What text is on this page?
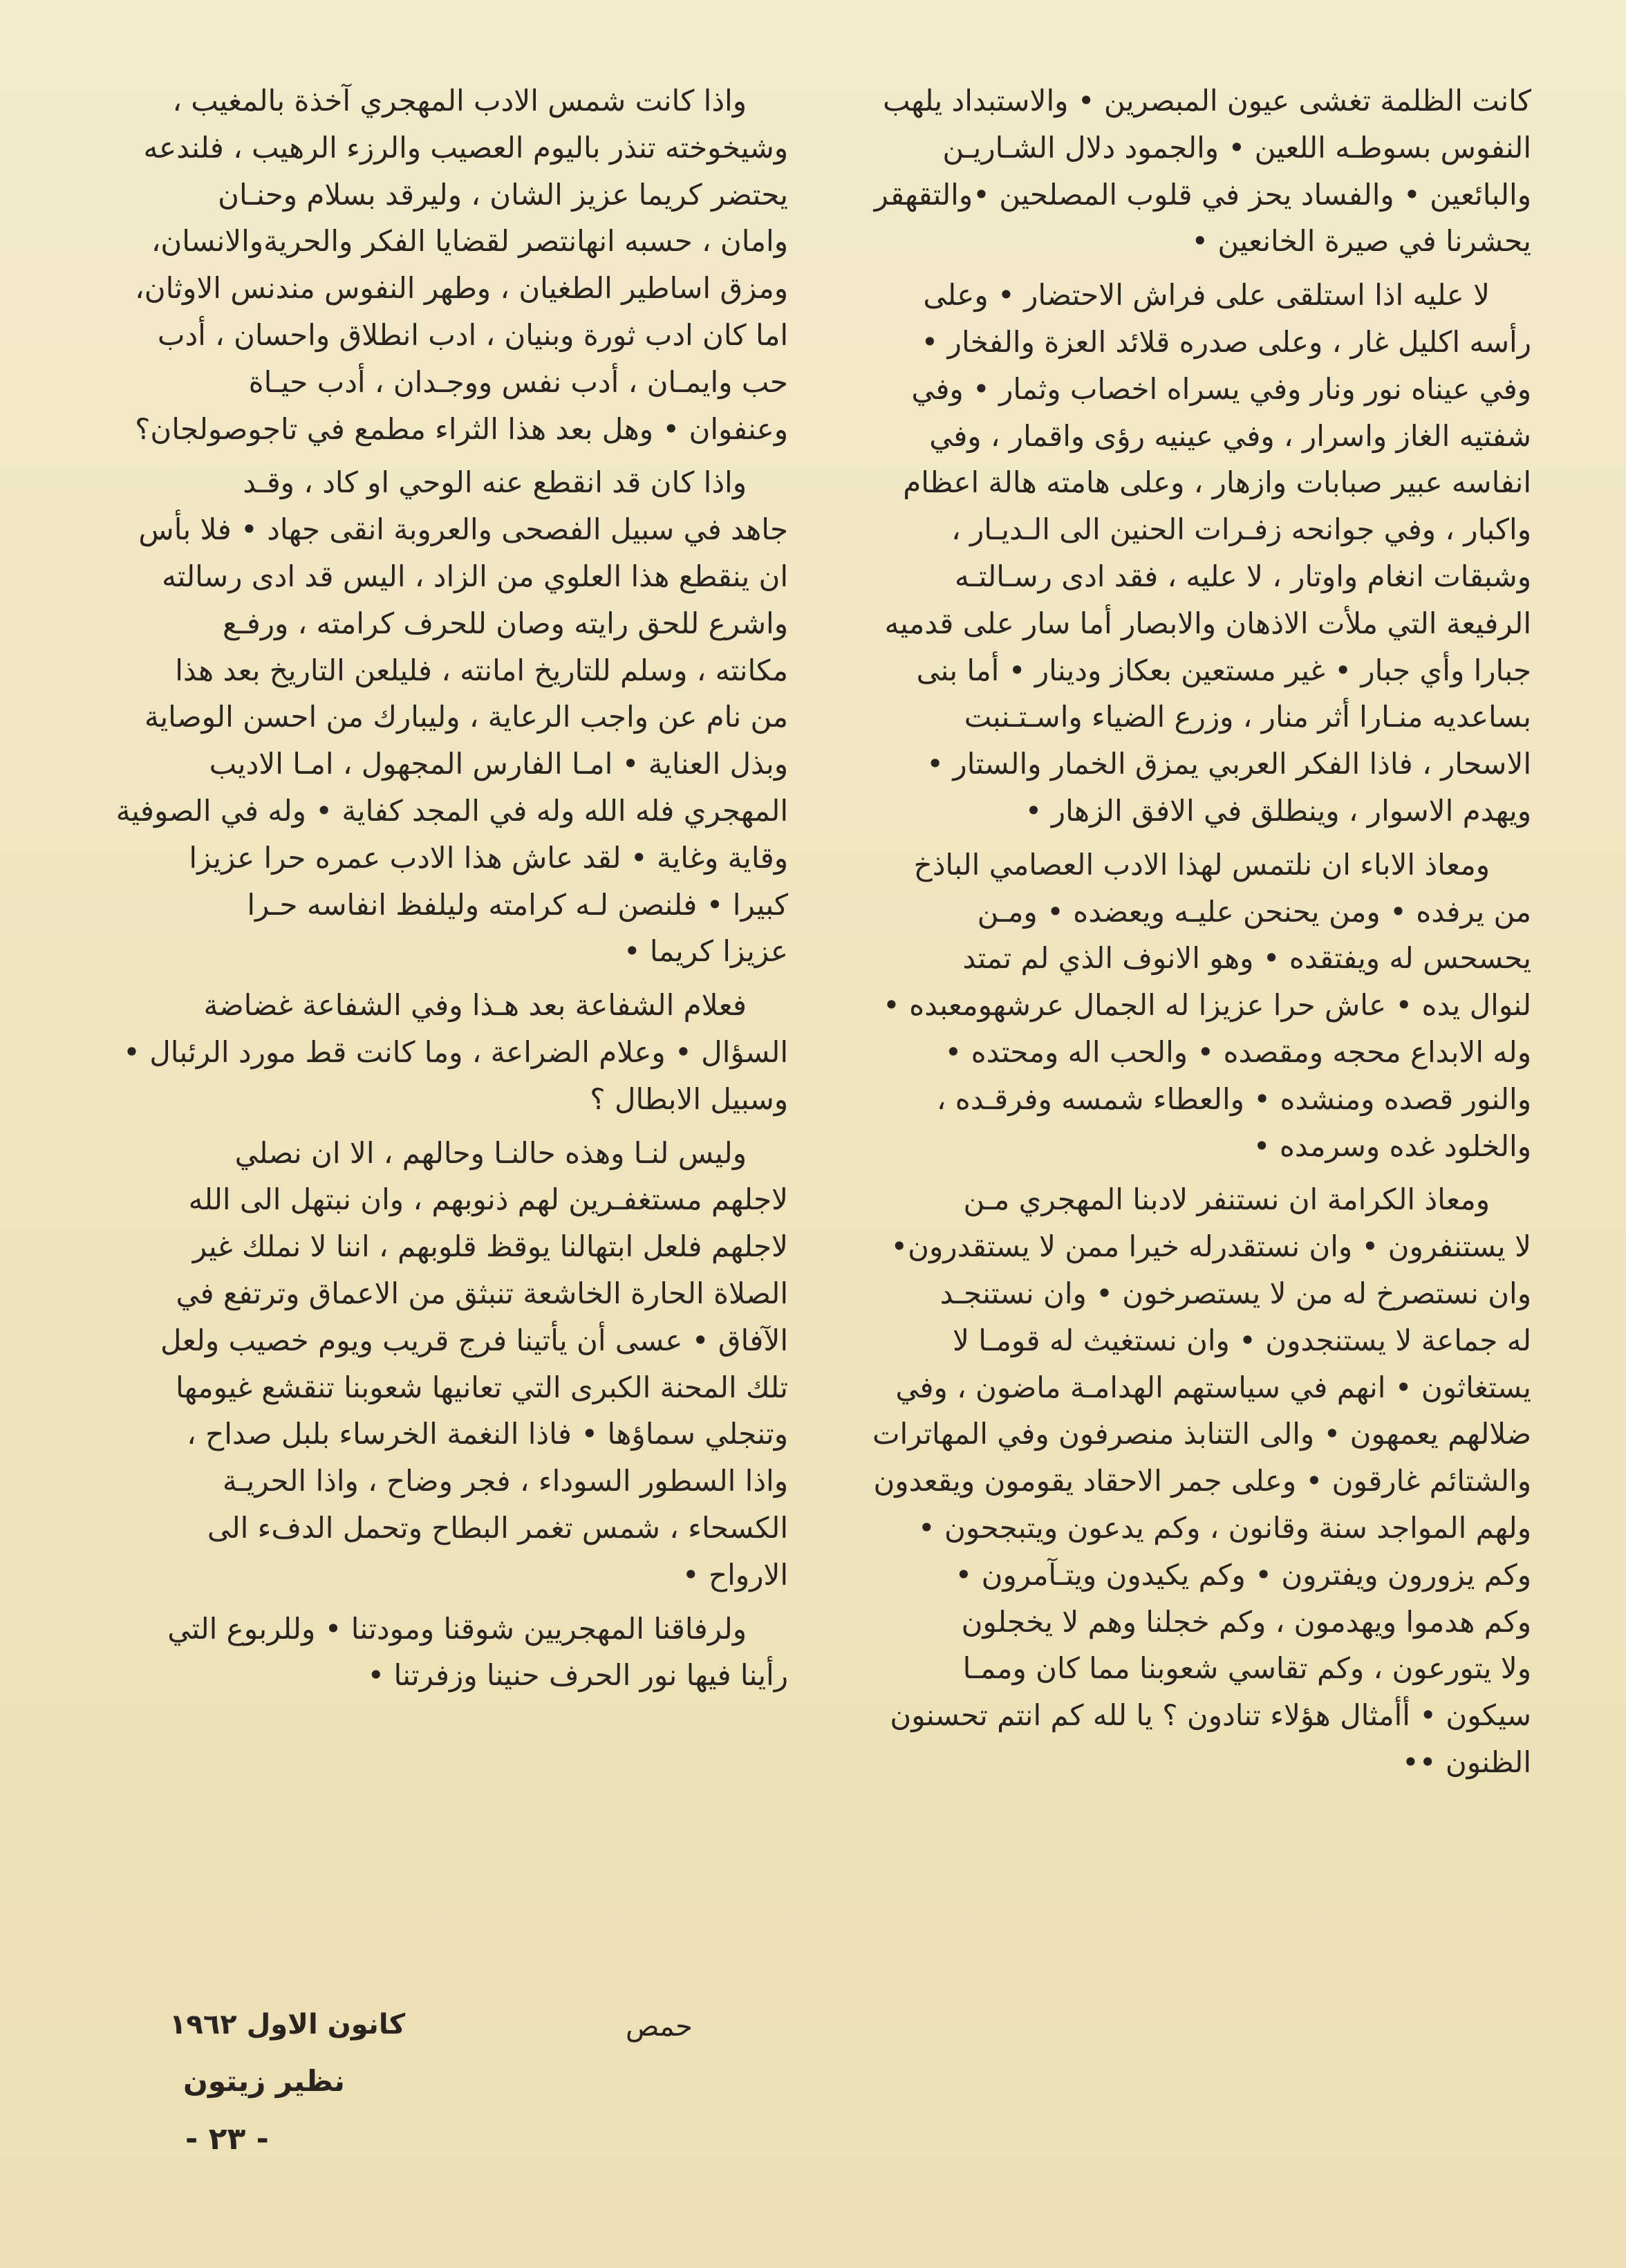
كانت الظلمة تغشى عيون المبصرين • والاستبداد يلهب
النفوس بسوطـه اللعين • والجمود دلال الشـاريـن
والبائعين • والفساد يحز في قلوب المصلحين •والتقهقر
يحشرنا في صيرة الخانعين •

لا عليه اذا استلقى على فراش الاحتضار • وعلى
رأسه اكليل غار ، وعلى صدره قلائد العزة والفخار •
وفي عيناه نور ونار وفي يسراه اخصاب وثمار • وفي
شفتيه الغاز واسرار ، وفي عينيه رؤى واقمار ، وفي
انفاسه عبير صبابات وازهار ، وعلى هامته هالة اعظام
واكبار ، وفي جوانحه زفـرات الحنين الى الـديـار ،
وشبقات انغام واوتار ، لا عليه ، فقد ادى رسـالتـه
الرفيعة التي ملأت الاذهان والابصار أما سار على قدميه
جبارا وأي جبار • غير مستعين بعكاز ودينار • أما بنى
بساعديه منـارا أثر منار ، وزرع الضياء واسـتـنبت
الاسحار ، فاذا الفكر العربي يمزق الخمار والستار •
ويهدم الاسوار ، وينطلق في الافق الزهار •

ومعاذ الاباء ان نلتمس لهذا الادب العصامي الباذخ
من يرفده • ومن يحنحن عليـه ويعضده • ومـن
يحسحس له ويفتقده • وهو الانوف الذي لم تمتد
لنوال يده • عاش حرا عزيزا له الجمال عرشهومعبده •
وله الابداع محجه ومقصده • والحب اله ومحتده •
والنور قصده ومنشده • والعطاء شمسه وفرقـده ،
والخلود غده وسرمده •

ومعاذ الكرامة ان نستنفر لادبنا المهجري مـن
لا يستنفرون • وان نستقدرله خيرا ممن لا يستقدرون•
وان نستصرخ له من لا يستصرخون • وان نستنجـد
له جماعة لا يستنجدون • وان نستغيث له قومـا لا
يستغاثون • انهم في سياستهم الهدامـة ماضون ، وفي
ضلالهم يعمهون • والى التنابذ منصرفون وفي المهاترات
والشتائم غارقون • وعلى جمر الاحقاد يقومون ويقعدون
ولهم المواجد سنة وقانون ، وكم يدعون ويتبجحون •
وكم يزورون ويفترون • وكم يكيدون ويتـآمرون •
وكم هدموا ويهدمون ، وكم خجلنا وهم لا يخجلون
ولا يتورعون ، وكم تقاسي شعوبنا مما كان وممـا
سيكون • أأمثال هؤلاء تنادون ؟ يا لله كم انتم تحسنون
الظنون ••

واذا كانت شمس الادب المهجري آخذة بالمغيب ،
وشيخوخته تنذر باليوم العصيب والرزء الرهيب ، فلندعه
يحتضر كريما عزيز الشان ، وليرقد بسلام وحنـان
وامان ، حسبه انهانتصر لقضايا الفكر والحريةوالانسان،
ومزق اساطير الطغيان ، وطهر النفوس مندنس الاوثان،
اما كان ادب ثورة وبنيان ، ادب انطلاق واحسان ، أدب
حب وايمـان ، أدب نفس ووجـدان ، أدب حيـاة
وعنفوان • وهل بعد هذا الثراء مطمع في تاجوصولجان؟

واذا كان قد انقطع عنه الوحي او كاد ، وقـد
جاهد في سبيل الفصحى والعروبة انقى جهاد • فلا بأس
ان ينقطع هذا العلوي من الزاد ، اليس قد ادى رسالته
واشرع للحق رايته وصان للحرف كرامته ، ورفـع
مكانته ، وسلم للتاريخ امانته ، فليلعن التاريخ بعد هذا
من نام عن واجب الرعاية ، وليبارك من احسن الوصاية
وبذل العناية • امـا الفارس المجهول ، امـا الاديب
المهجري فله الله وله في المجد كفاية • وله في الصوفية
وقاية وغاية • لقد عاش هذا الادب عمره حرا عزيزا
كبيرا • فلنصن لـه كرامته وليلفظ انفاسه حـرا
عزيزا كريما •

فعلام الشفاعة بعد هـذا وفي الشفاعة غضاضة
السؤال • وعلام الضراعة ، وما كانت قط مورد الرئبال •
وسبيل الابطال ؟

وليس لنـا وهذه حالنـا وحالهم ، الا ان نصلي
لاجلهم مستغفـرين لهم ذنوبهم ، وان نبتهل الى الله
لاجلهم فلعل ابتهالنا يوقظ قلوبهم ، اننا لا نملك غير
الصلاة الحارة الخاشعة تنبثق من الاعماق وترتفع في
الآفاق • عسى أن يأتينا فرج قريب ويوم خصيب ولعل
تلك المحنة الكبرى التي تعانيها شعوبنا تنقشع غيومها
وتنجلي سماؤها • فاذا النغمة الخرساء بلبل صداح ،
واذا السطور السوداء ، فجر وضاح ، واذا الحريـة
الكسحاء ، شمس تغمر البطاح وتحمل الدفء الى
الارواح •

ولرفاقنا المهجريين شوقنا ومودتنا • وللربوع التي
رأينا فيها نور الحرف حنينا وزفرتنا •

حمص
كانون الاول ١٩٦٢
نظير زيتون
- ٢٣ -
